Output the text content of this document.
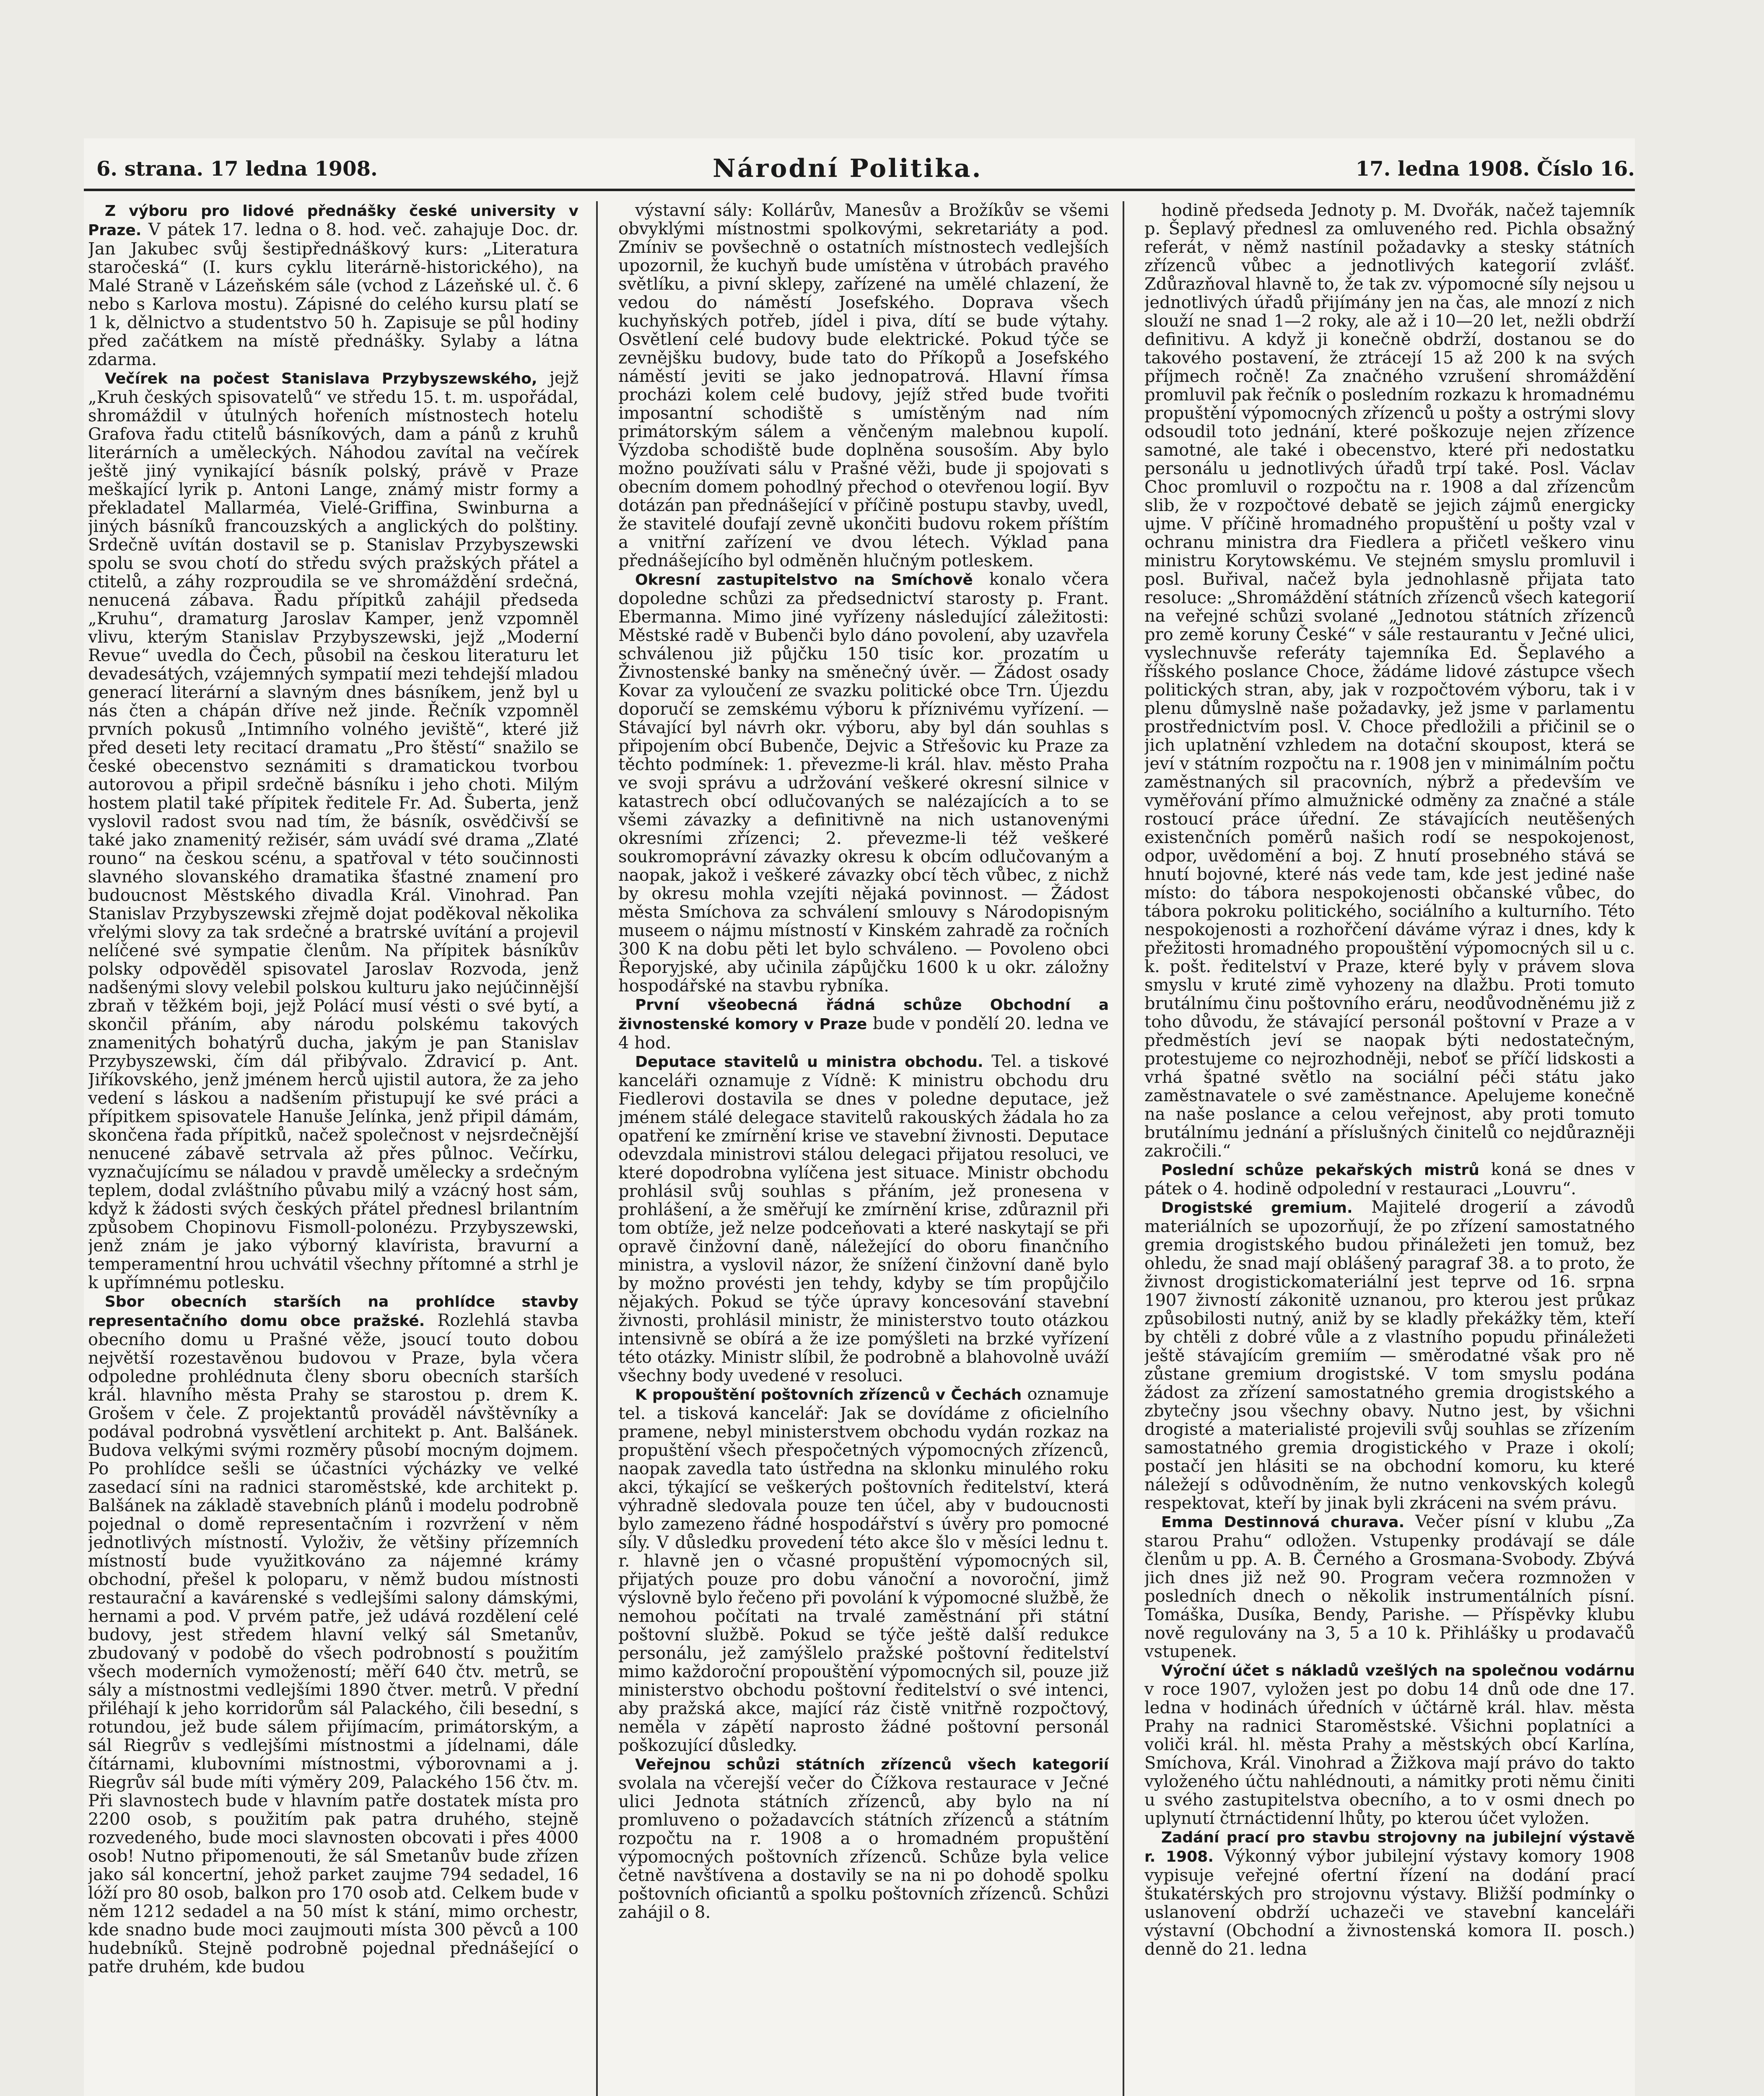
6. strana. 17 ledna 1908.	Národní Politika.	17. ledna 1908. Číslo 16.

Z výboru pro lidové přednášky české university v Praze. V pátek 17. ledna o 8. hod. več. zahajuje Doc. dr. Jan Jakubec svůj šestipřednáškový kurs: „Literatura staročeská“ (I. kurs cyklu literárně-historického), na Malé Straně v Lázeňském sále (vchod z Lázeňské ul. č. 6 nebo s Karlova mostu). Zápisné do celého kursu platí se 1 k, dělnictvo a studentstvo 50 h. Zapisuje se půl hodiny před začátkem na místě přednášky. Sylaby a látna zdarma.

Večírek na počest Stanislava Przybyszewského, jejž „Kruh českých spisovatelů“ ve středu 15. t. m. uspořádal, shromáždil v útulných hořeních místnostech hotelu Grafova řadu ctitelů básníkových, dam a pánů z kruhů literárních a uměleckých. Náhodou zavítal na večírek ještě jiný vynikající básník polský, právě v Praze meškající lyrik p. Antoni Lange, známý mistr formy a překladatel Mallarméa, Vielé-Griffina, Swinburna a jiných básníků francouzských a anglických do polštiny. Srdečně uvítán dostavil se p. Stanislav Przybyszewski spolu se svou chotí do středu svých pražských přátel a ctitelů, a záhy rozproudila se ve shromáždění srdečná, nenucená zábava. Řadu přípitků zahájil předseda „Kruhu“, dramaturg Jaroslav Kamper, jenž vzpomněl vlivu, kterým Stanislav Przybyszewski, jejž „Moderní Revue“ uvedla do Čech, působil na českou literaturu let devadesátých, vzájemných sympatií mezi tehdejší mladou generací literární a slavným dnes básníkem, jenž byl u nás čten a chápán dříve než jinde. Řečník vzpomněl prvních pokusů „Intimního volného jeviště“, které již před deseti lety recitací dramatu „Pro štěstí“ snažilo se české obecenstvo seznámiti s dramatickou tvorbou autorovou a připil srdečně básníku i jeho choti. Milým hostem platil také přípitek ředitele Fr. Ad. Šuberta, jenž vyslovil radost svou nad tím, že básník, osvědčivší se také jako znamenitý režisér, sám uvádí své drama „Zlaté rouno“ na českou scénu, a spatřoval v této součinnosti slavného slovanského dramatika šťastné znamení pro budoucnost Městského divadla Král. Vinohrad. Pan Stanislav Przybyszewski zřejmě dojat poděkoval několika vřelými slovy za tak srdečné a bratrské uvítání a projevil nelíčené své sympatie členům. Na přípitek básníkův polsky odpověděl spisovatel Jaroslav Rozvoda, jenž nadšenými slovy velebil polskou kulturu jako nejúčinnější zbraň v těžkém boji, jejž Polácí musí vésti o své bytí, a skončil přáním, aby národu polskému takových znamenitých bohatýrů ducha, jakým je pan Stanislav Przybyszewski, čím dál přibývalo. Zdravicí p. Ant. Jiříkovského, jenž jménem herců ujistil autora, že za jeho vedení s láskou a nadšením přistupují ke své práci a přípitkem spisovatele Hanuše Jelínka, jenž připil dámám, skončena řada přípitků, načež společnost v nejsrdečnější nenucené zábavě setrvala až přes půlnoc. Večírku, vyznačujícímu se náladou v pravdě umělecky a srdečným teplem, dodal zvláštního půvabu milý a vzácný host sám, když k žádosti svých českých přátel přednesl brilantním způsobem Chopinovu Fismoll-polonézu. Przybyszewski, jenž znám je jako výborný klavírista, bravurní a temperamentní hrou uchvátil všechny přítomné a strhl je k upřímnému potlesku.

Sbor obecních starších na prohlídce stavby representačního domu obce pražské. Rozlehlá stavba obecního domu u Prašné věže, jsoucí touto dobou největší rozestavěnou budovou v Praze, byla včera odpoledne prohlédnuta členy sboru obecních starších král. hlavního města Prahy se starostou p. drem K. Grošem v čele. Z projektantů prováděl návštěvníky a podával podrobná vysvětlení architekt p. Ant. Balšánek. Budova velkými svými rozměry působí mocným dojmem. Po prohlídce sešli se účastníci výcházky ve velké zasedací síni na radnici staroměstské, kde architekt p. Balšánek na základě stavebních plánů i modelu podrobně pojednal o domě representačním i rozvržení v něm jednotlivých místností. Vyloživ, že většiny přízemních místností bude využitkováno za nájemné krámy obchodní, přešel k poloparu, v němž budou místnosti restaurační a kavárenské s vedlejšími salony dámskými, hernami a pod. V prvém patře, jež udává rozdělení celé budovy, jest středem hlavní velký sál Smetanův, zbudovaný v podobě do všech podrobností s použitím všech moderních vymožeností; měří 640 čtv. metrů, se sály a místnostmi vedlejšími 1890 čtver. metrů. V přední přiléhají k jeho korridorům sál Palackého, čili besední, s rotundou, jež bude sálem přijímacím, primátorským, a sál Riegrův s vedlejšími místnostmi a jídelnami, dále čítárnami, klubovními místnostmi, výborovnami a j. Riegrův sál bude míti výměry 209, Palackého 156 čtv. m. Při slavnostech bude v hlavním patře dostatek místa pro 2200 osob, s použitím pak patra druhého, stejně rozvedeného, bude moci slavnosten obcovati i přes 4000 osob! Nutno připomenouti, že sál Smetanův bude zřízen jako sál koncertní, jehož parket zaujme 794 sedadel, 16 lóží pro 80 osob, balkon pro 170 osob atd. Celkem bude v něm 1212 sedadel a na 50 míst k stání, mimo orchestr, kde snadno bude moci zaujmouti místa 300 pěvců a 100 hudebníků. Stejně podrobně pojednal přednášející o patře druhém, kde budou

výstavní sály: Kollárův, Manesův a Brožíkův se všemi obvyklými místnostmi spolkovými, sekretariáty a pod. Zmíniv se povšechně o ostatních místnostech vedlejších upozornil, že kuchyň bude umístěna v útrobách pravého světlíku, a pivní sklepy, zařízené na umělé chlazení, že vedou do náměstí Josefského. Doprava všech kuchyňských potřeb, jídel i piva, dítí se bude výtahy. Osvětlení celé budovy bude elektrické. Pokud týče se zevnějšku budovy, bude tato do Příkopů a Josefského náměstí jeviti se jako jednopatrová. Hlavní římsa procházi kolem celé budovy, jejíž střed bude tvořiti imposantní schodiště s umístěným nad ním primátorským sálem a věnčeným malebnou kupolí. Výzdoba schodiště bude doplněna sousoším. Aby bylo možno používati sálu v Prašné věži, bude ji spojovati s obecním domem pohodlný přechod o otevřenou logií. Byv dotázán pan přednášející v příčině postupu stavby, uvedl, že stavitelé doufají zevně ukončiti budovu rokem příštím a vnitřní zařízení ve dvou létech. Výklad pana přednášejícího byl odměněn hlučným potleskem.

Okresní zastupitelstvo na Smíchově konalo včera dopoledne schůzi za předsednictví starosty p. Frant. Ebermanna. Mimo jiné vyřízeny následující záležitosti: Městské radě v Bubenči bylo dáno povolení, aby uzavřela schválenou již půjčku 150 tisíc kor. prozatím u Živnostenské banky na směnečný úvěr. — Žádost osady Kovar za vyloučení ze svazku politické obce Trn. Újezdu doporučí se zemskému výboru k příznivému vyřízení. — Stávající byl návrh okr. výboru, aby byl dán souhlas s připojením obcí Bubenče, Dejvic a Střešovic ku Praze za těchto podmínek: 1. převezme-li král. hlav. město Praha ve svoji správu a udržování veškeré okresní silnice v katastrech obcí odlučovaných se nalézajících a to se všemi závazky a definitivně na nich ustanovenými okresními zřízenci; 2. převezme-li též veškeré soukromoprávní závazky okresu k obcím odlučovaným a naopak, jakož i veškeré závazky obcí těch vůbec, z nichž by okresu mohla vzejíti nějaká povinnost. — Žádost města Smíchova za schválení smlouvy s Národopisným museem o nájmu místností v Kinském zahradě za ročních 300 K na dobu pěti let bylo schváleno. — Povoleno obci Řeporyjské, aby učinila zápůjčku 1600 k u okr. záložny hospodářské na stavbu rybníka.

První všeobecná řádná schůze Obchodní a živnostenské komory v Praze bude v pondělí 20. ledna ve 4 hod.

Deputace stavitelů u ministra obchodu. Tel. a tiskové kanceláři oznamuje z Vídně: K ministru obchodu dru Fiedlerovi dostavila se dnes v poledne deputace, jež jménem stálé delegace stavitelů rakouských žádala ho za opatření ke zmírnění krise ve stavební živnosti. Deputace odevzdala ministrovi stálou delegaci přijatou resoluci, ve které dopodrobna vylíčena jest situace. Ministr obchodu prohlásil svůj souhlas s přáním, jež pronesena v prohlášení, a že směřují ke zmírnění krise, zdůraznil při tom obtíže, jež nelze podceňovati a které naskytají se při opravě činžovní daně, náležející do oboru finančního ministra, a vyslovil názor, že snížení činžovní daně bylo by možno provésti jen tehdy, kdyby se tím propůjčilo nějakých. Pokud se týče úpravy koncesování stavební živnosti, prohlásil ministr, že ministerstvo touto otázkou intensivně se obírá a že ize pomýšleti na brzké vyřízení této otázky. Ministr slíbil, že podrobně a blahovolně uváží všechny body uvedené v resoluci.

K propouštění poštovních zřízenců v Čechách oznamuje tel. a tisková kancelář: Jak se dovídáme z oficielního pramene, nebyl ministerstvem obchodu vydán rozkaz na propuštění všech přespočetných výpomocných zřízenců, naopak zavedla tato ústředna na sklonku minulého roku akci, týkající se veškerých poštovních ředitelství, která výhradně sledovala pouze ten účel, aby v budoucnosti bylo zamezeno řádné hospodářství s úvěry pro pomocné síly. V důsledku provedení této akce šlo v měsíci lednu t. r. hlavně jen o včasné propuštění výpomocných sil, přijatých pouze pro dobu vánoční a novoroční, jimž výslovně bylo řečeno při povolání k výpomocné službě, že nemohou počítati na trvalé zaměstnání při státní poštovní službě. Pokud se týče ještě další redukce personálu, jež zamýšlelo pražské poštovní ředitelství mimo každoroční propouštění výpomocných sil, pouze již ministerstvo obchodu poštovní ředitelství o své intenci, aby pražská akce, mající ráz čistě vnitřně rozpočtový, neměla v zápětí naprosto žádné poštovní personál poškozující důsledky.

Veřejnou schůzi státních zřízenců všech kategorií svolala na včerejší večer do Čížkova restaurace v Ječné ulici Jednota státních zřízenců, aby bylo na ní promluveno o požadavcích státních zřízenců a státním rozpočtu na r. 1908 a o hromadném propuštění výpomocných poštovních zřízenců. Schůze byla velice četně navštívena a dostavily se na ni po dohodě spolku poštovních oficiantů a spolku poštovních zřízenců. Schůzi zahájil o 8.

hodině předseda Jednoty p. M. Dvořák, načež tajemník p. Šeplavý přednesl za omluveného red. Pichla obsažný referát, v němž nastínil požadavky a stesky státních zřízenců vůbec a jednotlivých kategorií zvlášť. Zdůrazňoval hlavně to, že tak zv. výpomocné síly nejsou u jednotlivých úřadů přijímány jen na čas, ale mnozí z nich slouží ne snad 1—2 roky, ale až i 10—20 let, nežli obdrží definitivu. A když ji konečně obdrží, dostanou se do takového postavení, že ztrácejí 15 až 200 k na svých příjmech ročně! Za značného vzrušení shromáždění promluvil pak řečník o posledním rozkazu k hromadnému propuštění výpomocných zřízenců u pošty a ostrými slovy odsoudil toto jednání, které poškozuje nejen zřízence samotné, ale také i obecenstvo, které při nedostatku personálu u jednotlivých úřadů trpí také. Posl. Václav Choc promluvil o rozpočtu na r. 1908 a dal zřízencům slib, že v rozpočtové debatě se jejich zájmů energicky ujme. V příčině hromadného propuštění u pošty vzal v ochranu ministra dra Fiedlera a přičetl veškero vinu ministru Korytowskému. Ve stejném smyslu promluvil i posl. Buřival, načež byla jednohlasně přijata tato resoluce: „Shromáždění státních zřízenců všech kategorií na veřejné schůzi svolané „Jednotou státních zřízenců pro země koruny České“ v sále restaurantu v Ječné ulici, vyslechnuvše referáty tajemníka Ed. Šeplavého a říšského poslance Choce, žádáme lidové zástupce všech politických stran, aby, jak v rozpočtovém výboru, tak i v plenu důmyslně naše požadavky, jež jsme v parlamentu prostřednictvím posl. V. Choce předložili a přičinil se o jich uplatnění vzhledem na dotační skoupost, která se jeví v státním rozpočtu na r. 1908 jen v minimálním počtu zaměstnaných sil pracovních, nýbrž a především ve vyměřování přímo almužnické odměny za značné a stále rostoucí práce úřední. Ze stávajících neutěšených existenčních poměrů našich rodí se nespokojenost, odpor, uvědomění a boj. Z hnutí prosebného stává se hnutí bojovné, které nás vede tam, kde jest jediné naše místo: do tábora nespokojenosti občanské vůbec, do tábora pokroku politického, sociálního a kulturního. Této nespokojenosti a rozhořčení dáváme výraz i dnes, kdy k přežitosti hromadného propouštění výpomocných sil u c. k. pošt. ředitelství v Praze, které byly v právem slova smyslu v kruté zimě vyhozeny na dlažbu. Proti tomuto brutálnímu činu poštovního eráru, neodůvodněnému již z toho důvodu, že stávající personál poštovní v Praze a v předměstích jeví se naopak býti nedostatečným, protestujeme co nejrozhodněji, neboť se příčí lidskosti a vrhá špatné světlo na sociální péči státu jako zaměstnavatele o své zaměstnance. Apelujeme konečně na naše poslance a celou veřejnost, aby proti tomuto brutálnímu jednání a příslušných činitelů co nejdůrazněji zakročili.“

Poslední schůze pekařských mistrů koná se dnes v pátek o 4. hodině odpolední v restauraci „Louvru“.

Drogistské gremium. Majitelé drogerií a závodů materiálních se upozorňují, že po zřízení samostatného gremia drogistského budou přináležeti jen tomuž, bez ohledu, že snad mají oblášený paragraf 38. a to proto, že živnost drogistickomateriální jest teprve od 16. srpna 1907 živností zákonitě uznanou, pro kterou jest průkaz způsobilosti nutný, aniž by se kladly překážky těm, kteří by chtěli z dobré vůle a z vlastního popudu přináležeti ještě stávajícím gremiím — směrodatné však pro ně zůstane gremium drogistské. V tom smyslu podána žádost za zřízení samostatného gremia drogistského a zbytečny jsou všechny obavy. Nutno jest, by všichni drogisté a materialisté projevili svůj souhlas se zřízením samostatného gremia drogistického v Praze i okolí; postačí jen hlásiti se na obchodní komoru, ku které náležejí s odůvodněním, že nutno venkovských kolegů respektovat, kteří by jinak byli zkráceni na svém právu.

Emma Destinnová churava. Večer písní v klubu „Za starou Prahu“ odložen. Vstupenky prodávají se dále členům u pp. A. B. Černého a Grosmana-Svobody. Zbývá jich dnes již než 90. Program večera rozmnožen v posledních dnech o několik instrumentálních písní. Tomáška, Dusíka, Bendy, Parishe. — Příspěvky klubu nově regulovány na 3, 5 a 10 k. Přihlášky u prodavačů vstupenek.

Výroční účet s nákladů vzešlých na společnou vodárnu v roce 1907, vyložen jest po dobu 14 dnů ode dne 17. ledna v hodinách úředních v účtárně král. hlav. města Prahy na radnici Staroměstské. Všichni poplatníci a voliči král. hl. města Prahy a městských obcí Karlína, Smíchova, Král. Vinohrad a Žižkova mají právo do takto vyloženého účtu nahlédnouti, a námitky proti němu činiti u svého zastupitelstva obecního, a to v osmi dnech po uplynutí čtrnáctidenní lhůty, po kterou účet vyložen.

Zadání prací pro stavbu strojovny na jubilejní výstavě r. 1908. Výkonný výbor jubilejní výstavy komory 1908 vypisuje veřejné ofertní řízení na dodání prací štukatérských pro strojovnu výstavy. Bližší podmínky o uslanovení obdrží uchazeči ve stavební kanceláři výstavní (Obchodní a živnostenská komora II. posch.) denně do 21. ledna
